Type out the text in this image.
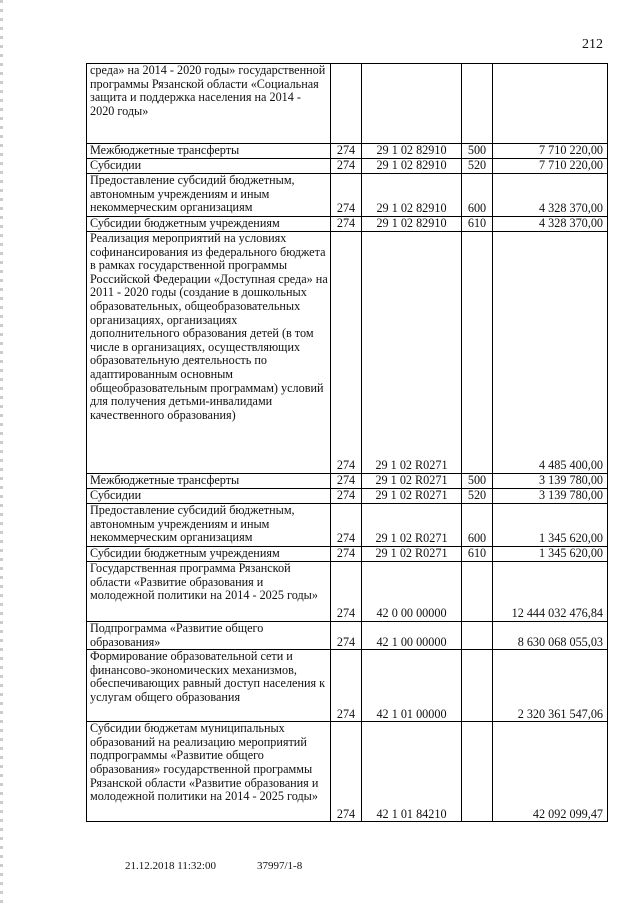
212
среда» на 2014 - 2020 годы» государственной программы Рязанской области «Социальная защита и поддержка населения на 2014 - 2020 годы»				
Межбюджетные трансферты	274	29 1 02 82910	500	7 710 220,00
Субсидии	274	29 1 02 82910	520	7 710 220,00
Предоставление субсидий бюджетным, автономным учреждениям и иным некоммерческим организациям	274	29 1 02 82910	600	4 328 370,00
Субсидии бюджетным учреждениям	274	29 1 02 82910	610	4 328 370,00
Реализация мероприятий на условиях софинансирования из федерального бюджета в рамках государственной программы Российской Федерации «Доступная среда» на 2011 - 2020 годы (создание в дошкольных образовательных, общеобразовательных организациях, организациях дополнительного образования детей (в том числе в организациях, осуществляющих образовательную деятельность по адаптированным основным общеобразовательным программам) условий для получения детьми-инвалидами качественного образования)	274	29 1 02 R0271		4 485 400,00
Межбюджетные трансферты	274	29 1 02 R0271	500	3 139 780,00
Субсидии	274	29 1 02 R0271	520	3 139 780,00
Предоставление субсидий бюджетным, автономным учреждениям и иным некоммерческим организациям	274	29 1 02 R0271	600	1 345 620,00
Субсидии бюджетным учреждениям	274	29 1 02 R0271	610	1 345 620,00
Государственная программа Рязанской области «Развитие образования и молодежной политики на 2014 - 2025 годы»	274	42 0 00 00000		12 444 032 476,84
Подпрограмма «Развитие общего образования»	274	42 1 00 00000		8 630 068 055,03
Формирование образовательной сети и финансово-экономических механизмов, обеспечивающих равный доступ населения к услугам общего образования	274	42 1 01 00000		2 320 361 547,06
Субсидии бюджетам муниципальных образований на реализацию мероприятий подпрограммы «Развитие общего образования» государственной программы Рязанской области «Развитие образования и молодежной политики на 2014 - 2025 годы»	274	42 1 01 84210		42 092 099,47
21.12.2018 11:32:00	37997/1-8
